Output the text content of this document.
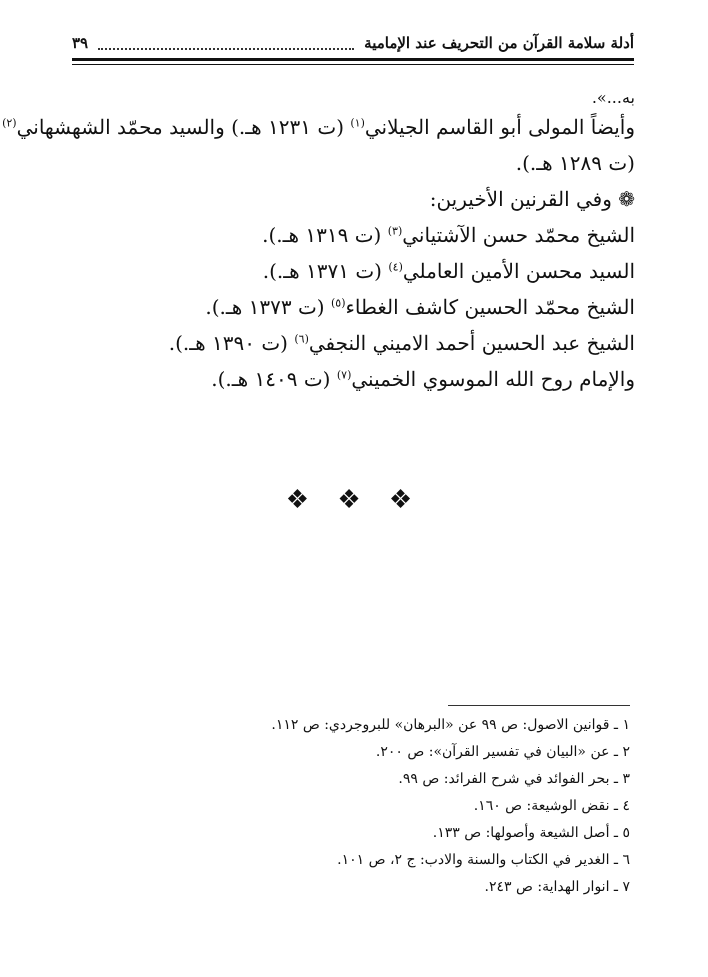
أدلة سلامة القرآن من التحريف عند الإمامية
٣٩
به...».
وأيضاً المولى أبو القاسم الجيلاني$^{(١)}$ (ت ١٢٣١ هـ.) والسيد محمّد الشهشهاني$^{(٢)}$
(ت ١٢٨٩ هـ.).
❁ وفي القرنين الأخيرين:
الشيخ محمّد حسن الآشتياني$^{(٣)}$ (ت ١٣١٩ هـ.).
السيد محسن الأمين العاملي$^{(٤)}$ (ت ١٣٧١ هـ.).
الشيخ محمّد الحسين كاشف الغطاء$^{(٥)}$ (ت ١٣٧٣ هـ.).
الشيخ عبد الحسين أحمد الاميني النجفي$^{(٦)}$ (ت ١٣٩٠ هـ.).
والإمام روح الله الموسوي الخميني$^{(٧)}$ (ت ١٤٠٩ هـ.).
❖ ❖ ❖
١ ـ قوانين الاصول: ص ٩٩ عن «البرهان» للبروجردي: ص ١١٢.
٢ ـ عن «البيان في تفسير القرآن»: ص ٢٠٠.
٣ ـ بحر الفوائد في شرح الفرائد: ص ٩٩.
٤ ـ نقض الوشيعة: ص ١٦٠.
٥ ـ أصل الشيعة وأصولها: ص ١٣٣.
٦ ـ الغدير في الكتاب والسنة والادب: ج ٢، ص ١٠١.
٧ ـ انوار الهداية: ص ٢٤٣.
